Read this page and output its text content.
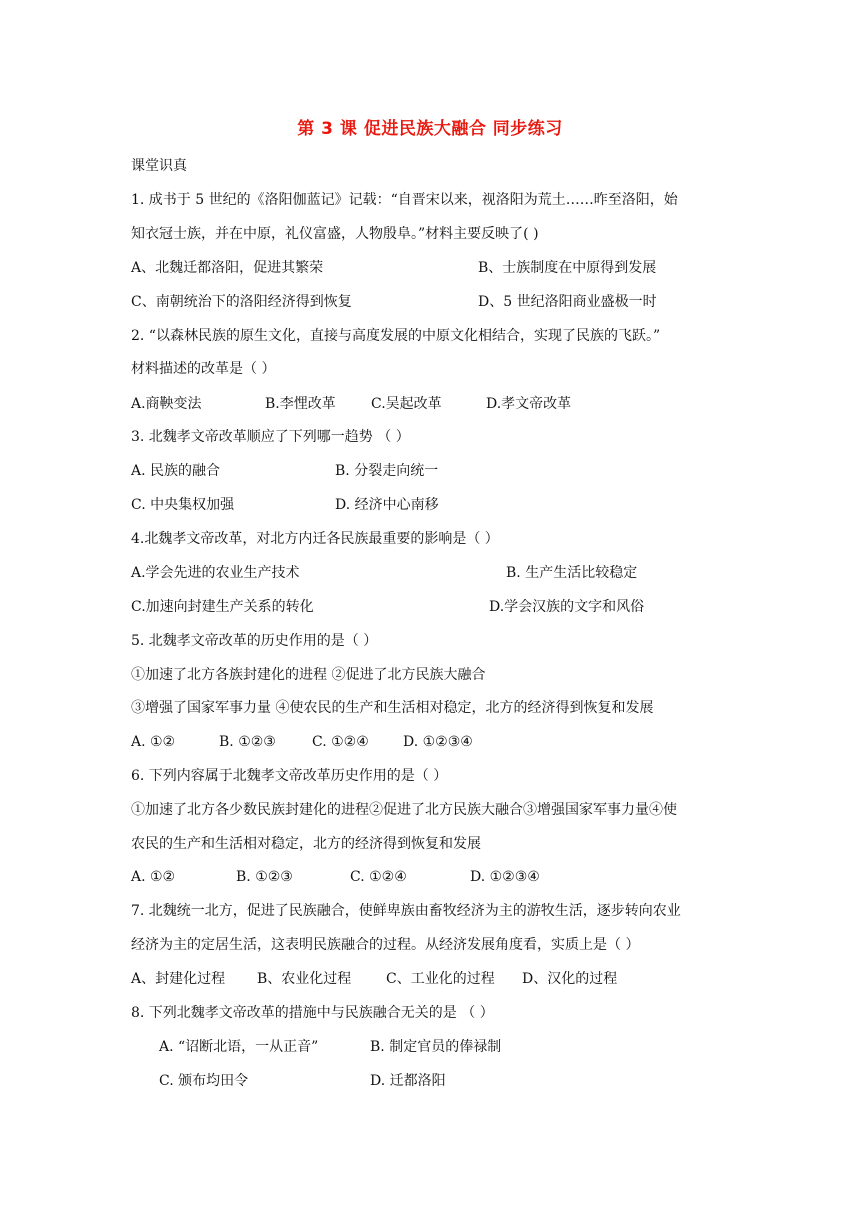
第 3 课 促进民族大融合 同步练习
课堂识真
1. 成书于 5 世纪的《洛阳伽蓝记》记载：“自晋宋以来，视洛阳为荒土……昨至洛阳，始
知衣冠士族，并在中原，礼仪富盛，人物殷阜。”材料主要反映了( )
A、北魏迁都洛阳，促进其繁荣	B、士族制度在中原得到发展
C、南朝统治下的洛阳经济得到恢复	D、5 世纪洛阳商业盛极一时
2. “以森林民族的原生文化，直接与高度发展的中原文化相结合，实现了民族的飞跃。”
材料描述的改革是（ ）
A.商鞅变法	B.李悝改革	C.吴起改革	D.孝文帝改革
3. 北魏孝文帝改革顺应了下列哪一趋势 （ ）
A. 民族的融合	B. 分裂走向统一
C. 中央集权加强	D. 经济中心南移
4.北魏孝文帝改革，对北方内迁各民族最重要的影响是（ ）
A.学会先进的农业生产技术	B. 生产生活比较稳定
C.加速向封建生产关系的转化	D.学会汉族的文字和风俗
5. 北魏孝文帝改革的历史作用的是（ ）
①加速了北方各族封建化的进程 ②促进了北方民族大融合
③增强了国家军事力量 ④使农民的生产和生活相对稳定，北方的经济得到恢复和发展
A. ①②	B. ①②③	C. ①②④ D. ①②③④
6. 下列内容属于北魏孝文帝改革历史作用的是（ ）
①加速了北方各少数民族封建化的进程②促进了北方民族大融合③增强国家军事力量④使
农民的生产和生活相对稳定，北方的经济得到恢复和发展
A. ①②	B. ①②③	C. ①②④	D. ①②③④
7. 北魏统一北方，促进了民族融合，使鲜卑族由畜牧经济为主的游牧生活，逐步转向农业
经济为主的定居生活，这表明民族融合的过程。从经济发展角度看，实质上是（ ）
A、封建化过程 B、农业化过程 C、工业化的过程 D、汉化的过程
8. 下列北魏孝文帝改革的措施中与民族融合无关的是 （ ）
A. “诏断北语，一从正音”	B. 制定官员的俸禄制
C. 颁布均田令	D. 迁都洛阳
